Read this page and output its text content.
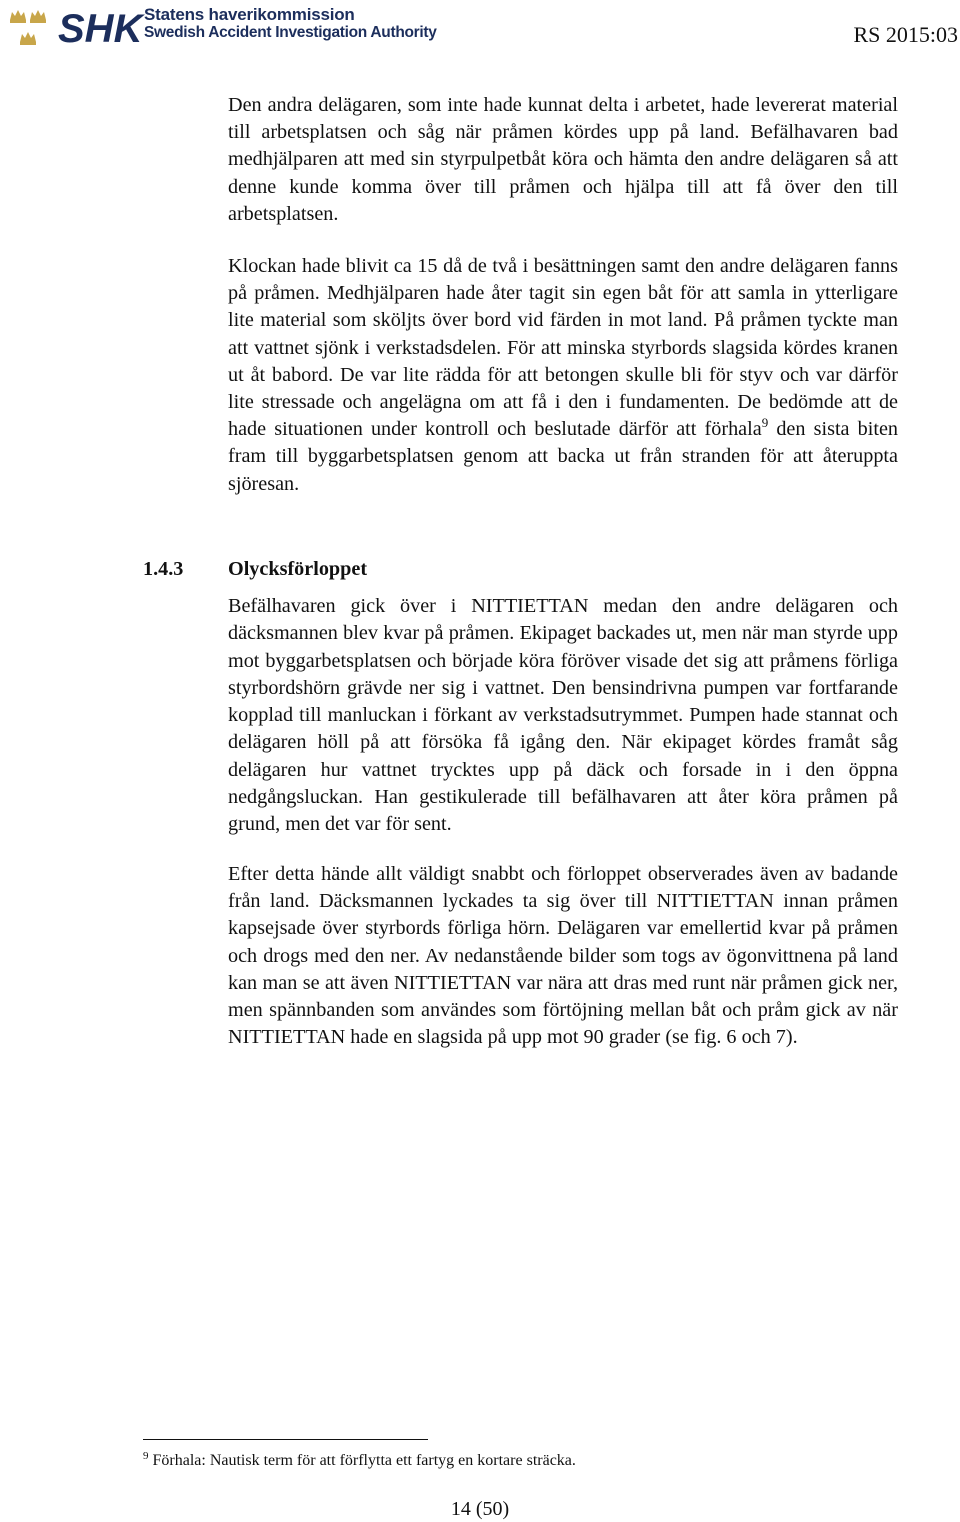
SHK Statens haverikommission
Swedish Accident Investigation Authority	RS 2015:03

Den andra delägaren, som inte hade kunnat delta i arbetet, hade levererat material till arbetsplatsen och såg när pråmen kördes upp på land. Befälhavaren bad medhjälparen att med sin styrpulpetbåt köra och hämta den andre delägaren så att denne kunde komma över till pråmen och hjälpa till att få över den till arbetsplatsen.

Klockan hade blivit ca 15 då de två i besättningen samt den andre delägaren fanns på pråmen. Medhjälparen hade åter tagit sin egen båt för att samla in ytterligare lite material som sköljts över bord vid färden in mot land. På pråmen tyckte man att vattnet sjönk i verkstadsdelen. För att minska styrbords slagsida kördes kranen ut åt babord. De var lite rädda för att betongen skulle bli för styv och var därför lite stressade och angelägna om att få i den i fundamenten. De bedömde att de hade situationen under kontroll och beslutade därför att förhala$^9$ den sista biten fram till byggarbetsplatsen genom att backa ut från stranden för att återuppta sjöresan.

1.4.3 Olycksförloppet

Befälhavaren gick över i NITTIETTAN medan den andre delägaren och däcksmannen blev kvar på pråmen. Ekipaget backades ut, men när man styrde upp mot byggarbetsplatsen och började köra föröver visade det sig att pråmens förliga styrbordshörn grävde ner sig i vattnet. Den bensindrivna pumpen var fortfarande kopplad till manluckan i förkant av verkstadsutrymmet. Pumpen hade stannat och delägaren höll på att försöka få igång den. När ekipaget kördes framåt såg delägaren hur vattnet trycktes upp på däck och forsade in i den öppna nedgångsluckan. Han gestikulerade till befälhavaren att åter köra pråmen på grund, men det var för sent.

Efter detta hände allt väldigt snabbt och förloppet observerades även av badande från land. Däcksmannen lyckades ta sig över till NITTIETTAN innan pråmen kapsejsade över styrbords förliga hörn. Delägaren var emellertid kvar på pråmen och drogs med den ner. Av nedanstående bilder som togs av ögonvittnena på land kan man se att även NITTIETTAN var nära att dras med runt när pråmen gick ner, men spännbanden som användes som förtöjning mellan båt och pråm gick av när NITTIETTAN hade en slagsida på upp mot 90 grader (se fig. 6 och 7).

$^9$ Förhala: Nautisk term för att förflytta ett fartyg en kortare sträcka.
14 (50)
